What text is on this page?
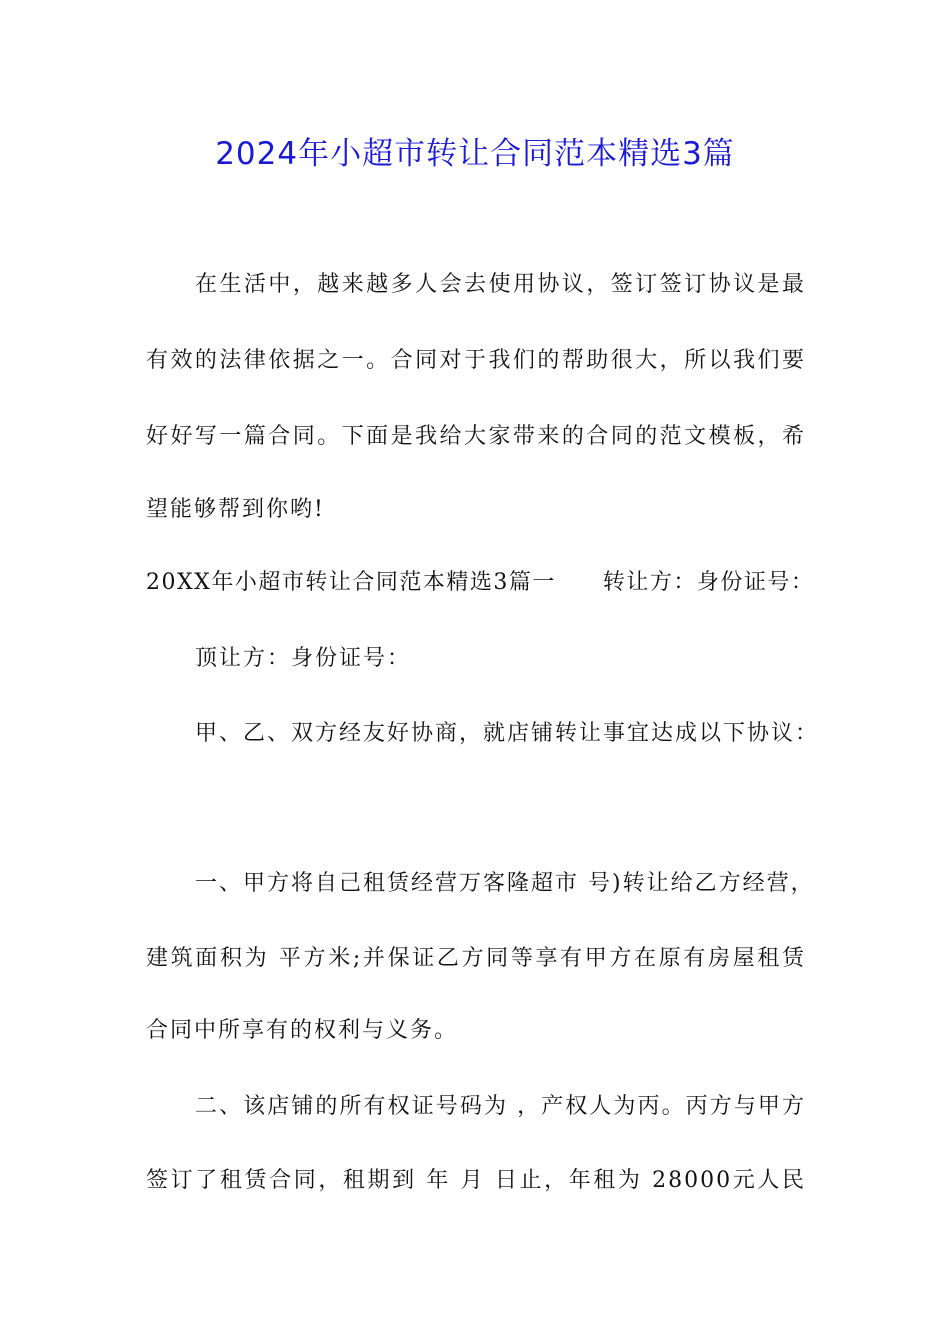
2024年小超市转让合同范本精选3篇
在生活中，越来越多人会去使用协议，签订签订协议是最
有效的法律依据之一。合同对于我们的帮助很大，所以我们要
好好写一篇合同。下面是我给大家带来的合同的范文模板，希
望能够帮到你哟!
20XX年小超市转让合同范本精选3篇一　　转让方：身份证号：
顶让方：身份证号：
甲、乙、双方经友好协商，就店铺转让事宜达成以下协议：
一、甲方将自己租赁经营万客隆超市 号)转让给乙方经营，
建筑面积为 平方米;并保证乙方同等享有甲方在原有房屋租赁
合同中所享有的权利与义务。
二、该店铺的所有权证号码为 ，产权人为丙。丙方与甲方
签订了租赁合同，租期到 年 月 日止，年租为 28000元人民
